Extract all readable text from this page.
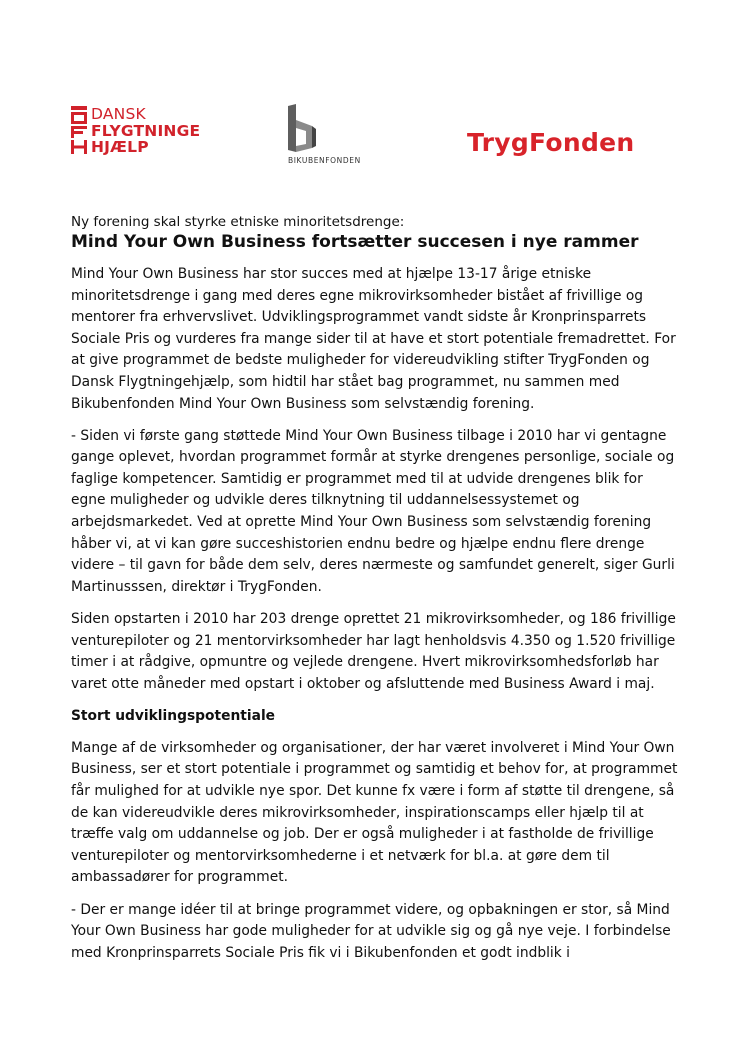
DANSK
FLYGTNINGE
HJÆLP
BIKUBENFONDEN
TrygFonden

Ny forening skal styrke etniske minoritetsdrenge:

Mind Your Own Business fortsætter succesen i nye rammer

Mind Your Own Business har stor succes med at hjælpe 13-17 årige etniske minoritetsdrenge i gang med deres egne mikrovirksomheder bistået af frivillige og mentorer fra erhvervslivet. Udviklingsprogrammet vandt sidste år Kronprinsparrets Sociale Pris og vurderes fra mange sider til at have et stort potentiale fremadrettet. For at give programmet de bedste muligheder for videreudvikling stifter TrygFonden og Dansk Flygtningehjælp, som hidtil har stået bag programmet, nu sammen med Bikubenfonden Mind Your Own Business som selvstændig forening.

- Siden vi første gang støttede Mind Your Own Business tilbage i 2010 har vi gentagne gange oplevet, hvordan programmet formår at styrke drengenes personlige, sociale og faglige kompetencer. Samtidig er programmet med til at udvide drengenes blik for egne muligheder og udvikle deres tilknytning til uddannelsessystemet og arbejdsmarkedet. Ved at oprette Mind Your Own Business som selvstændig forening håber vi, at vi kan gøre succeshistorien endnu bedre og hjælpe endnu flere drenge videre – til gavn for både dem selv, deres nærmeste og samfundet generelt, siger Gurli Martinusssen, direktør i TrygFonden.

Siden opstarten i 2010 har 203 drenge oprettet 21 mikrovirksomheder, og 186 frivillige venturepiloter og 21 mentorvirksomheder har lagt henholdsvis 4.350 og 1.520 frivillige timer i at rådgive, opmuntre og vejlede drengene. Hvert mikrovirksomhedsforløb har varet otte måneder med opstart i oktober og afsluttende med Business Award i maj.

Stort udviklingspotentiale

Mange af de virksomheder og organisationer, der har været involveret i Mind Your Own Business, ser et stort potentiale i programmet og samtidig et behov for, at programmet får mulighed for at udvikle nye spor. Det kunne fx være i form af støtte til drengene, så de kan videreudvikle deres mikrovirksomheder, inspirationscamps eller hjælp til at træffe valg om uddannelse og job. Der er også muligheder i at fastholde de frivillige venturepiloter og mentorvirksomhederne i et netværk for bl.a. at gøre dem til ambassadører for programmet.

- Der er mange idéer til at bringe programmet videre, og opbakningen er stor, så Mind Your Own Business har gode muligheder for at udvikle sig og gå nye veje. I forbindelse med Kronprinsparrets Sociale Pris fik vi i Bikubenfonden et godt indblik i
